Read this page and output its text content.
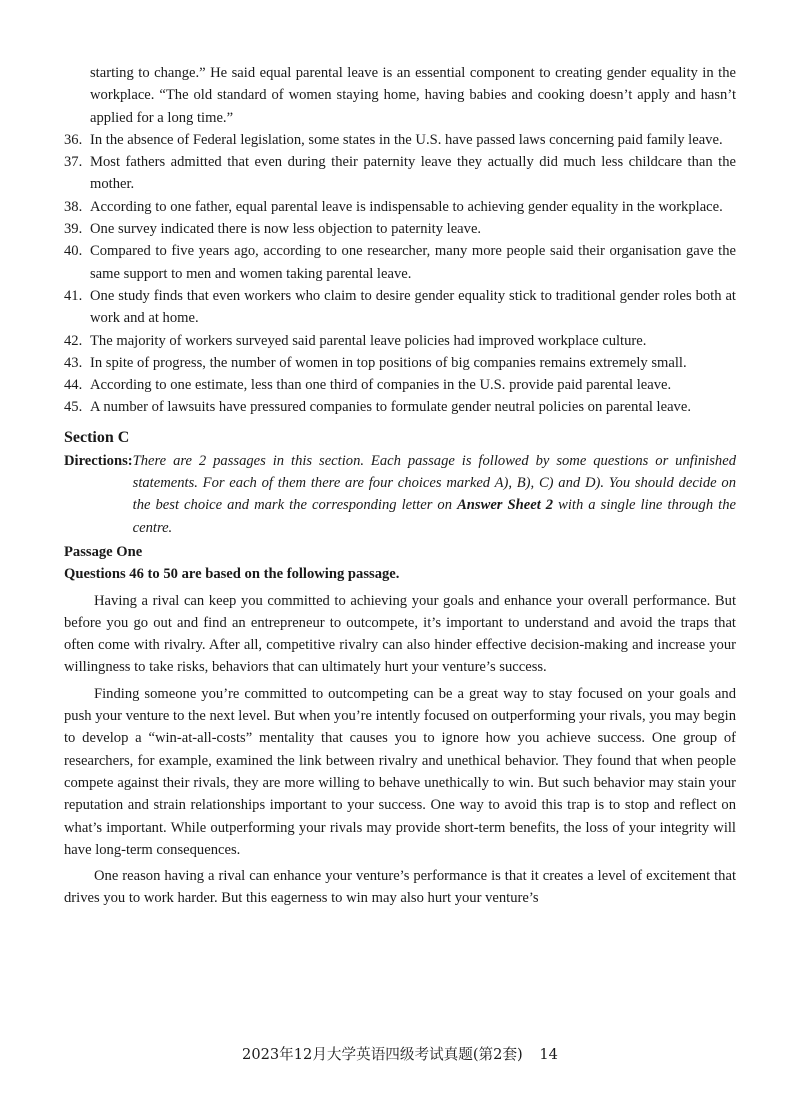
starting to change.” He said equal parental leave is an essential component to creating gender equality in the workplace. “The old standard of women staying home, having babies and cooking doesn’t apply and hasn’t applied for a long time.”
36. In the absence of Federal legislation, some states in the U.S. have passed laws concerning paid family leave.
37. Most fathers admitted that even during their paternity leave they actually did much less childcare than the mother.
38. According to one father, equal parental leave is indispensable to achieving gender equality in the workplace.
39. One survey indicated there is now less objection to paternity leave.
40. Compared to five years ago, according to one researcher, many more people said their organisation gave the same support to men and women taking parental leave.
41. One study finds that even workers who claim to desire gender equality stick to traditional gender roles both at work and at home.
42. The majority of workers surveyed said parental leave policies had improved workplace culture.
43. In spite of progress, the number of women in top positions of big companies remains extremely small.
44. According to one estimate, less than one third of companies in the U.S. provide paid parental leave.
45. A number of lawsuits have pressured companies to formulate gender neutral policies on parental leave.
Section C
Directions: There are 2 passages in this section. Each passage is followed by some questions or unfinished statements. For each of them there are four choices marked A), B), C) and D). You should decide on the best choice and mark the corresponding letter on Answer Sheet 2 with a single line through the centre.
Passage One
Questions 46 to 50 are based on the following passage.
Having a rival can keep you committed to achieving your goals and enhance your overall performance. But before you go out and find an entrepreneur to outcompete, it’s important to understand and avoid the traps that often come with rivalry. After all, competitive rivalry can also hinder effective decision-making and increase your willingness to take risks, behaviors that can ultimately hurt your venture’s success.
Finding someone you’re committed to outcompeting can be a great way to stay focused on your goals and push your venture to the next level. But when you’re intently focused on outperforming your rivals, you may begin to develop a “win-at-all-costs” mentality that causes you to ignore how you achieve success. One group of researchers, for example, examined the link between rivalry and unethical behavior. They found that when people compete against their rivals, they are more willing to behave unethically to win. But such behavior may stain your reputation and strain relationships important to your success. One way to avoid this trap is to stop and reflect on what’s important. While outperforming your rivals may provide short-term benefits, the loss of your integrity will have long-term consequences.
One reason having a rival can enhance your venture’s performance is that it creates a level of excitement that drives you to work harder. But this eagerness to win may also hurt your venture’s
2023年12月大学英语四级考试真题(第2套) 14
